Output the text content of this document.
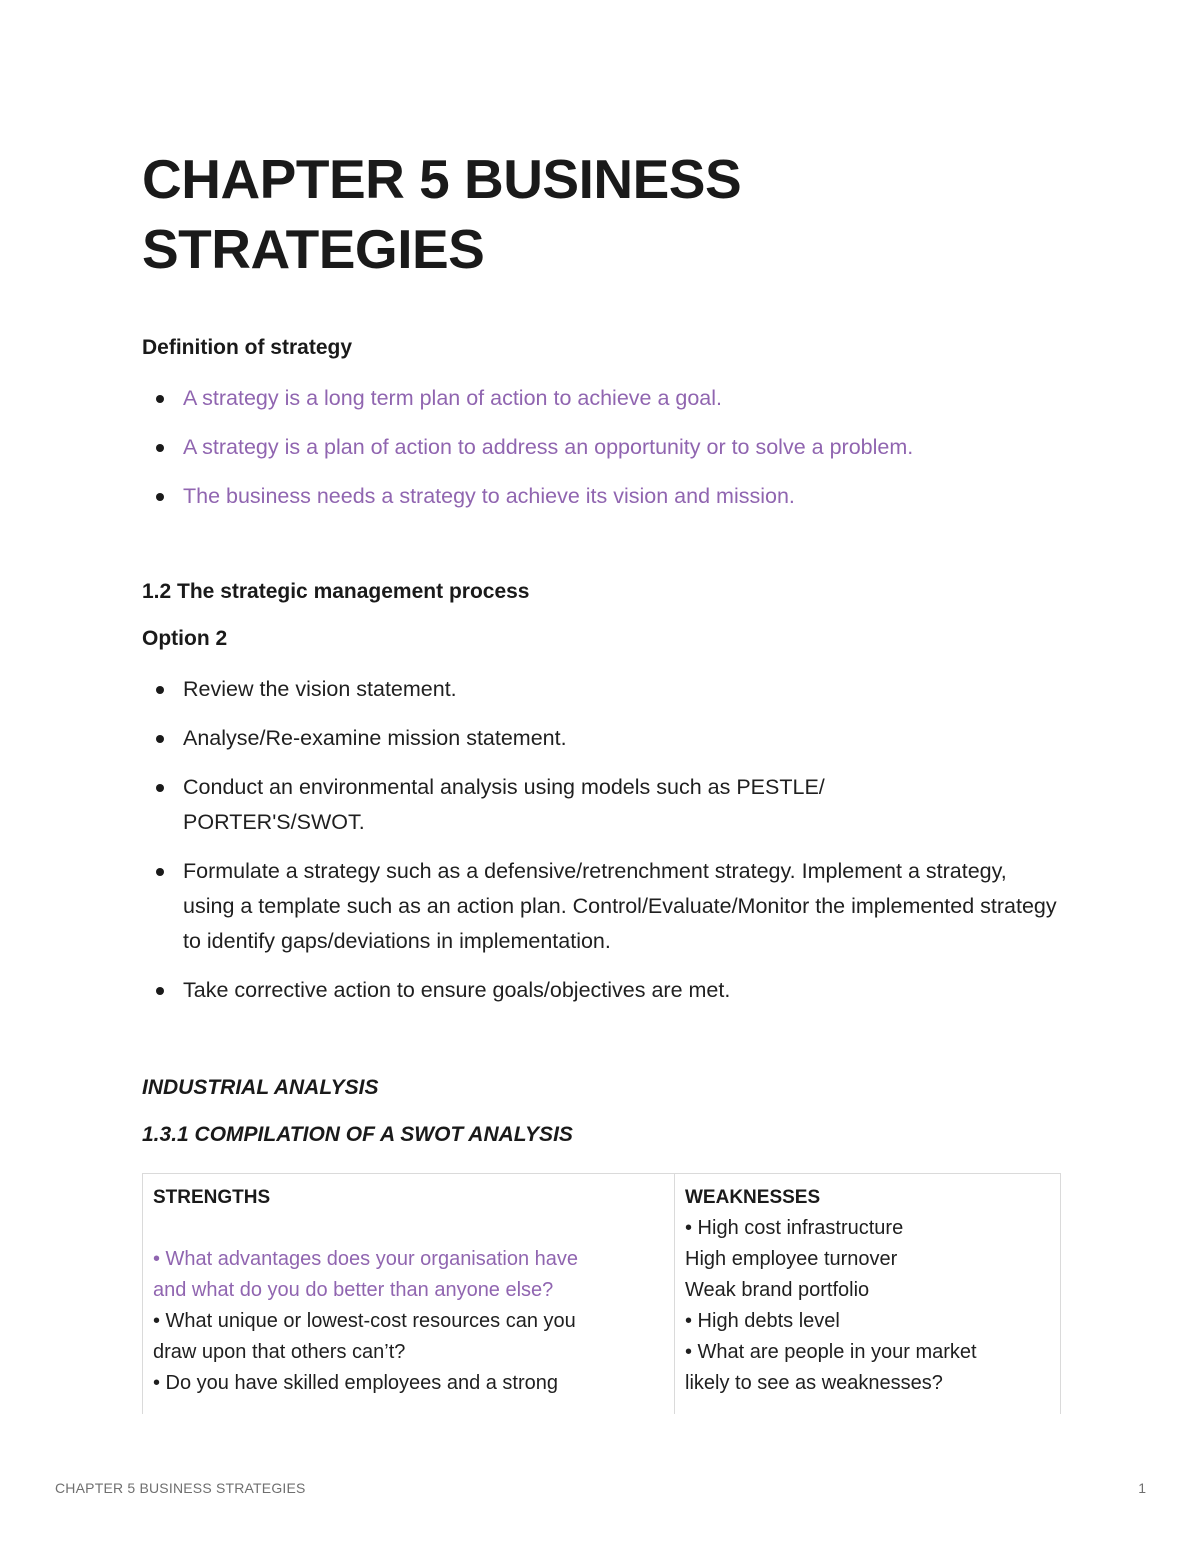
CHAPTER 5 BUSINESS STRATEGIES
Definition of strategy
A strategy is a long term plan of action to achieve a goal.
A strategy is a plan of action to address an opportunity or to solve a problem.
The business needs a strategy to achieve its vision and mission.
1.2 The strategic management process
Option 2
Review the vision statement.
Analyse/Re-examine mission statement.
Conduct an environmental analysis using models such as PESTLE/ PORTER'S/SWOT.
Formulate a strategy such as a defensive/retrenchment strategy. Implement a strategy, using a template such as an action plan. Control/Evaluate/Monitor the implemented strategy to identify gaps/deviations in implementation.
Take corrective action to ensure goals/objectives are met.
INDUSTRIAL ANALYSIS
1.3.1 COMPILATION OF A SWOT ANALYSIS
STRENGTHS
• What advantages does your organisation have
and what do you do better than anyone else?
• What unique or lowest-cost resources can you
draw upon that others can’t?
• Do you have skilled employees and a strong
WEAKNESSES
• High cost infrastructure
High employee turnover
Weak brand portfolio
• High debts level
• What are people in your market
likely to see as weaknesses?
CHAPTER 5 BUSINESS STRATEGIES	1
